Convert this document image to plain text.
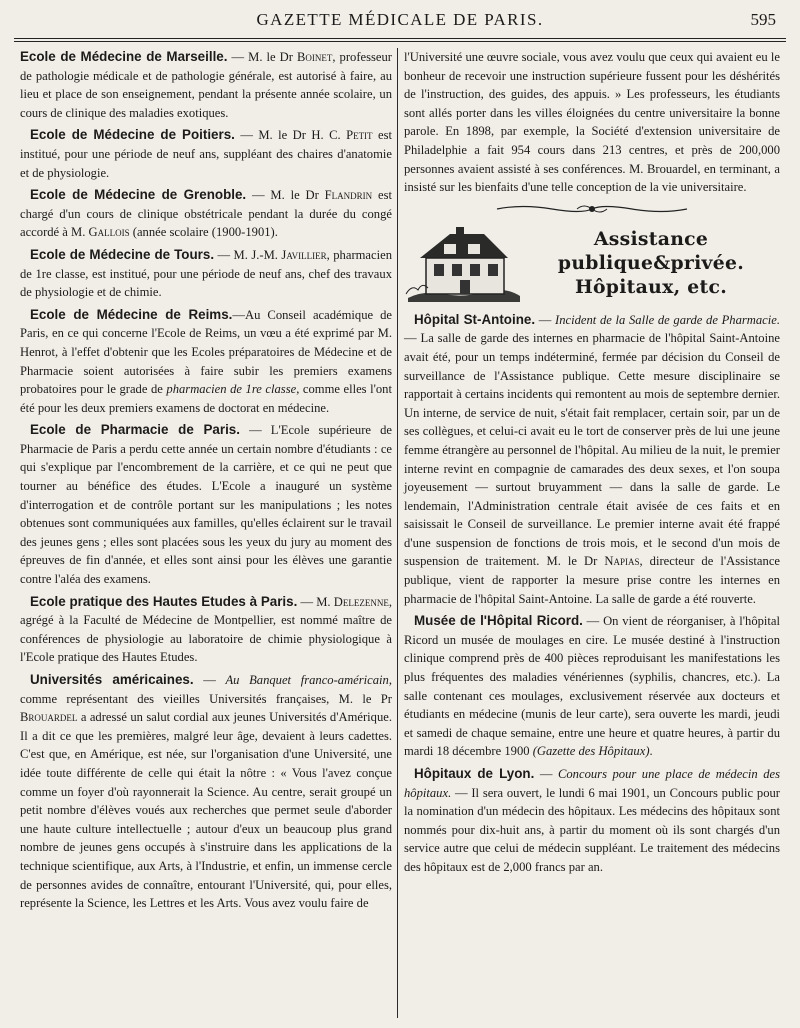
GAZETTE MÉDICALE DE PARIS.	595

Ecole de Médecine de Marseille. — M. le Dr Boinet, professeur de pathologie médicale et de pathologie générale, est autorisé à faire, au lieu et place de son enseignement, pendant la présente année scolaire, un cours de clinique des maladies exotiques.

Ecole de Médecine de Poitiers. — M. le Dr H. C. Petit est institué, pour une période de neuf ans, suppléant des chaires d'anatomie et de physiologie.

Ecole de Médecine de Grenoble. — M. le Dr Flandrin est chargé d'un cours de clinique obstétricale pendant la durée du congé accordé à M. Gallois (année scolaire (1900-1901).

Ecole de Médecine de Tours. — M. J.-M. Javillier, pharmacien de 1re classe, est institué, pour une période de neuf ans, chef des travaux de physiologie et de chimie.

Ecole de Médecine de Reims.—Au Conseil académique de Paris, en ce qui concerne l'Ecole de Reims, un vœu a été exprimé par M. Henrot, à l'effet d'obtenir que les Ecoles préparatoires de Médecine et de Pharmacie soient autorisées à faire subir les premiers examens probatoires pour le grade de pharmacien de 1re classe, comme elles l'ont été pour les deux premiers examens de doctorat en médecine.

Ecole de Pharmacie de Paris. — L'Ecole supérieure de Pharmacie de Paris a perdu cette année un certain nombre d'étudiants : ce qui s'explique par l'encombrement de la carrière, et ce qui ne peut que tourner au bénéfice des études. L'Ecole a inauguré un système d'interrogation et de contrôle portant sur les manipulations ; les notes obtenues sont communiquées aux familles, qu'elles éclairent sur le travail des jeunes gens ; elles sont placées sous les yeux du jury au moment des épreuves de fin d'année, et elles sont ainsi pour les élèves une garantie contre l'aléa des examens.

Ecole pratique des Hautes Etudes à Paris. — M. Delezenne, agrégé à la Faculté de Médecine de Montpellier, est nommé maître de conférences de physiologie au laboratoire de chimie physiologique à l'Ecole pratique des Hautes Etudes.

Universités américaines. — Au Banquet franco-américain, comme représentant des vieilles Universités françaises, M. le Pr Brouardel a adressé un salut cordial aux jeunes Universités d'Amérique. Il a dit ce que les premières, malgré leur âge, devaient à leurs cadettes. C'est que, en Amérique, est née, sur l'organisation d'une Université, une idée toute différente de celle qui était la nôtre : « Vous l'avez conçue comme un foyer d'où rayonnerait la Science. Au centre, serait groupé un petit nombre d'élèves voués aux recherches que permet seule d'aborder une haute culture intellectuelle ; autour d'eux un beaucoup plus grand nombre de jeunes gens occupés à s'instruire dans les applications de la technique scientifique, aux Arts, à l'Industrie, et enfin, un immense cercle de personnes avides de connaître, entourant l'Université, qui, pour elles, représente la Science, les Lettres et les Arts. Vous avez voulu faire de

l'Université une œuvre sociale, vous avez voulu que ceux qui avaient eu le bonheur de recevoir une instruction supérieure fussent pour les déshérités de l'instruction, des guides, des appuis. » Les professeurs, les étudiants sont allés porter dans les villes éloignées du centre universitaire la bonne parole. En 1898, par exemple, la Société d'extension universitaire de Philadelphie a fait 954 cours dans 213 centres, et près de 200,000 personnes avaient assisté à ses conférences. M. Brouardel, en terminant, a insisté sur les bienfaits d'une telle conception de la vie universitaire.

Assistance
publique&privée.
Hôpitaux, etc.

Hôpital St-Antoine. — Incident de la Salle de garde de Pharmacie. — La salle de garde des internes en pharmacie de l'hôpital Saint-Antoine avait été, pour un temps indéterminé, fermée par décision du Conseil de surveillance de l'Assistance publique. Cette mesure disciplinaire se rapportait à certains incidents qui remontent au mois de septembre dernier. Un interne, de service de nuit, s'était fait remplacer, certain soir, par un de ses collègues, et celui-ci avait eu le tort de conserver près de lui une jeune femme étrangère au personnel de l'hôpital. Au milieu de la nuit, le premier interne revint en compagnie de camarades des deux sexes, et l'on soupa joyeusement — surtout bruyamment — dans la salle de garde. Le lendemain, l'Administration centrale était avisée de ces faits et en saisissait le Conseil de surveillance. Le premier interne avait été frappé d'une suspension de fonctions de trois mois, et le second d'un mois de suspension de traitement. M. le Dr Napias, directeur de l'Assistance publique, vient de rapporter la mesure prise contre les internes en pharmacie de l'hôpital Saint-Antoine. La salle de garde a été rouverte.

Musée de l'Hôpital Ricord. — On vient de réorganiser, à l'hôpital Ricord un musée de moulages en cire. Le musée destiné à l'instruction clinique comprend près de 400 pièces reproduisant les manifestations les plus fréquentes des maladies vénériennes (syphilis, chancres, etc.). La salle contenant ces moulages, exclusivement réservée aux docteurs et étudiants en médecine (munis de leur carte), sera ouverte les mardi, jeudi et samedi de chaque semaine, entre une heure et quatre heures, à partir du mardi 18 décembre 1900 (Gazette des Hôpitaux).

Hôpitaux de Lyon. — Concours pour une place de médecin des hôpitaux. — Il sera ouvert, le lundi 6 mai 1901, un Concours public pour la nomination d'un médecin des hôpitaux. Les médecins des hôpitaux sont nommés pour dix-huit ans, à partir du moment où ils sont chargés d'un service autre que celui de médecin suppléant. Le traitement des médecins des hôpitaux est de 2,000 francs par an.
